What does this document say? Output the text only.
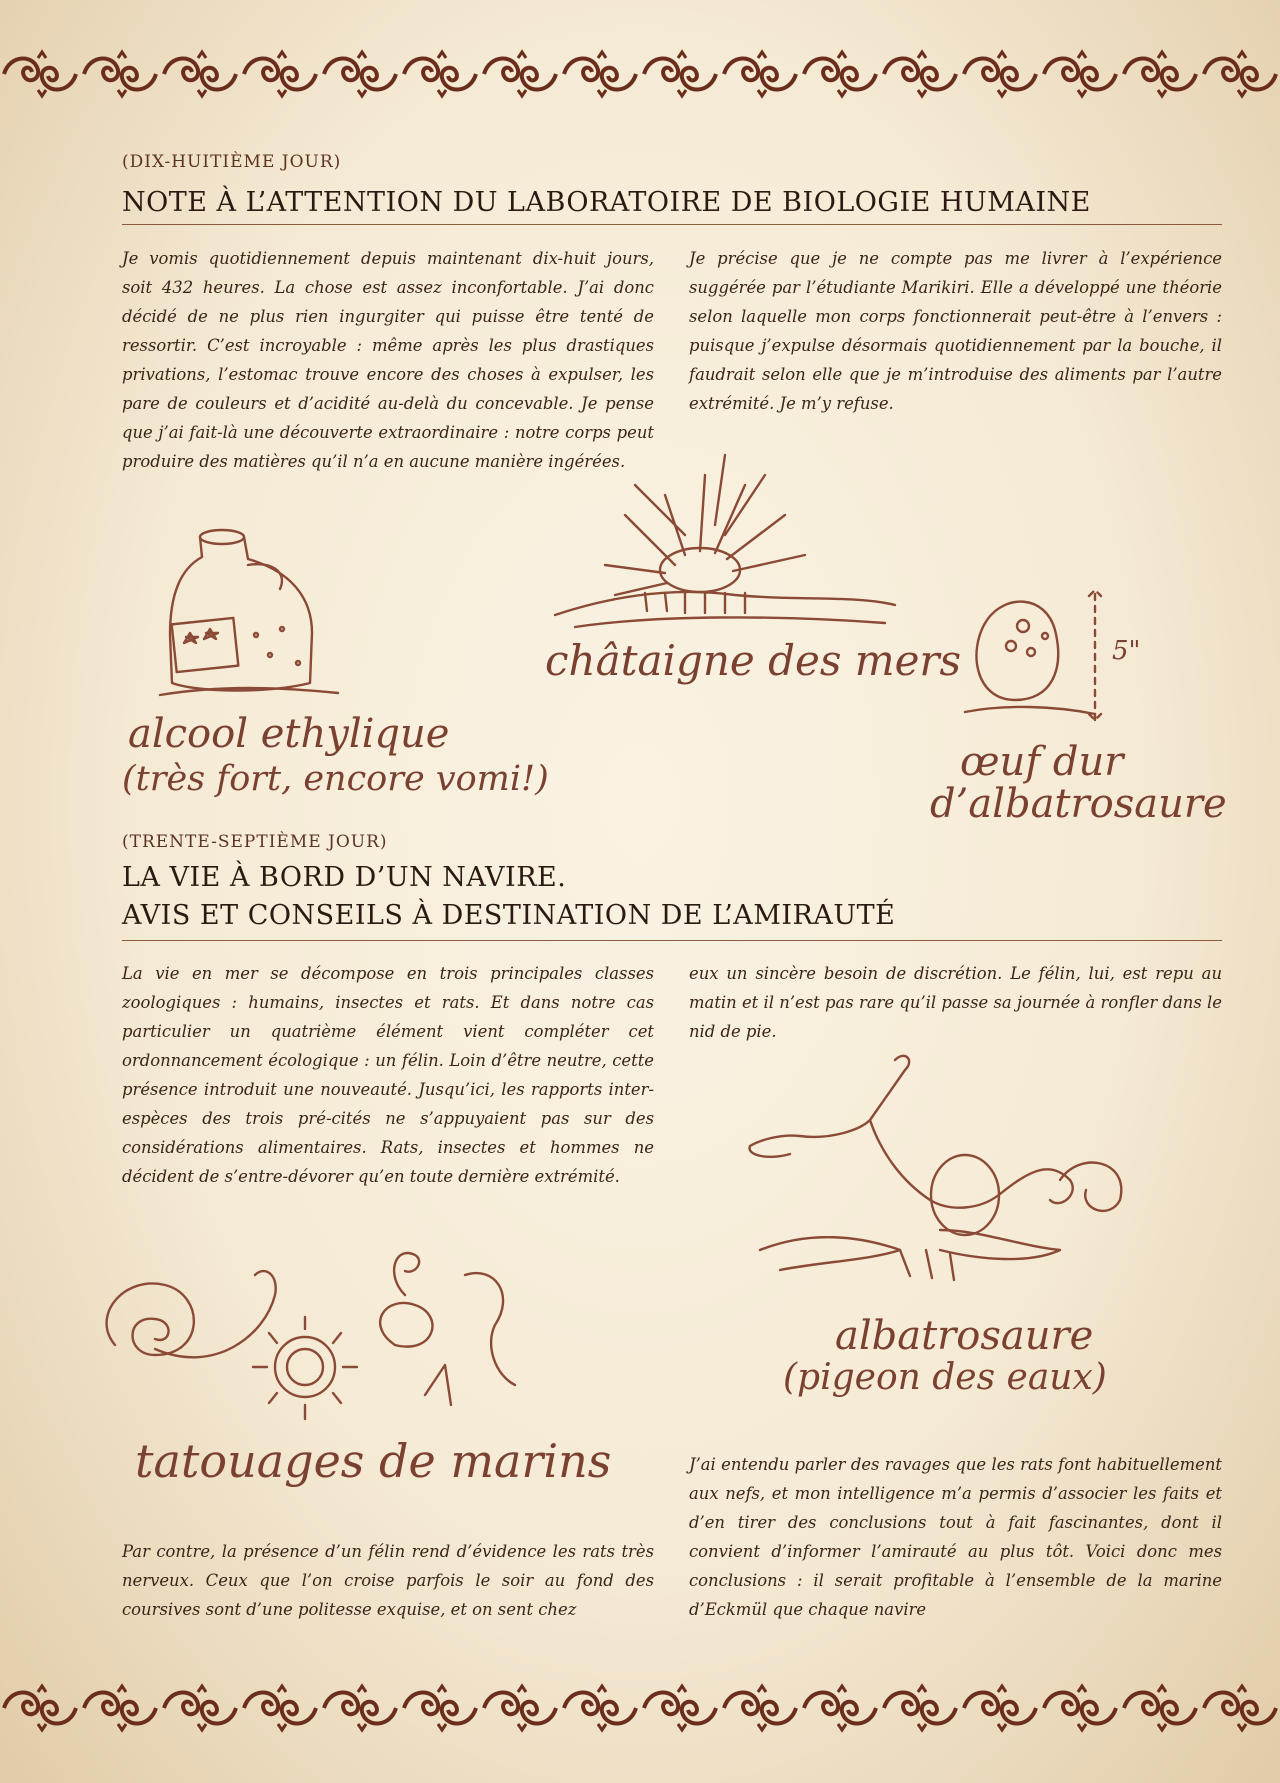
(DIX-HUITIÈME JOUR)
NOTE À L’ATTENTION DU LABORATOIRE DE BIOLOGIE HUMAINE

Je vomis quotidiennement depuis maintenant dix-huit jours, soit 432 heures. La chose est assez inconfortable. J’ai donc décidé de ne plus rien ingurgiter qui puisse être tenté de ressortir. C’est incroyable : même après les plus drastiques privations, l’estomac trouve encore des choses à expulser, les pare de couleurs et d’acidité au-delà du concevable. Je pense que j’ai fait-là une découverte extraordinaire : notre corps peut produire des matières qu’il n’a en aucune manière ingérées.

Je précise que je ne compte pas me livrer à l’expérience suggérée par l’étudiante Marikiri. Elle a développé une théorie selon laquelle mon corps fonctionnerait peut-être à l’envers : puisque j’expulse désormais quotidiennement par la bouche, il faudrait selon elle que je m’introduise des aliments par l’autre extrémité. Je m’y refuse.

alcool ethylique
(très fort, encore vomi!)
châtaigne des mers	5"
œuf dur
d’albatrosaure
(TRENTE-SEPTIÈME JOUR)
LA VIE À BORD D’UN NAVIRE.
AVIS ET CONSEILS À DESTINATION DE L’AMIRAUTÉ

La vie en mer se décompose en trois principales classes zoologiques : humains, insectes et rats. Et dans notre cas particulier un quatrième élément vient compléter cet ordonnancement écologique : un félin. Loin d’être neutre, cette présence introduit une nouveauté. Jusqu’ici, les rapports inter-espèces des trois pré-cités ne s’appuyaient pas sur des considérations alimentaires. Rats, insectes et hommes ne décident de s’entre-dévorer qu’en toute dernière extrémité.

eux un sincère besoin de discrétion. Le félin, lui, est repu au matin et il n’est pas rare qu’il passe sa journée à ronfler dans le nid de pie.

albatrosaure
(pigeon des eaux)
tatouages de marins

Par contre, la présence d’un félin rend d’évidence les rats très nerveux. Ceux que l’on croise parfois le soir au fond des coursives sont d’une politesse exquise, et on sent chez

J’ai entendu parler des ravages que les rats font habituellement aux nefs, et mon intelligence m’a permis d’associer les faits et d’en tirer des conclusions tout à fait fascinantes, dont il convient d’informer l’amirauté au plus tôt. Voici donc mes conclusions : il serait profitable à l’ensemble de la marine d’Eckmül que chaque navire
